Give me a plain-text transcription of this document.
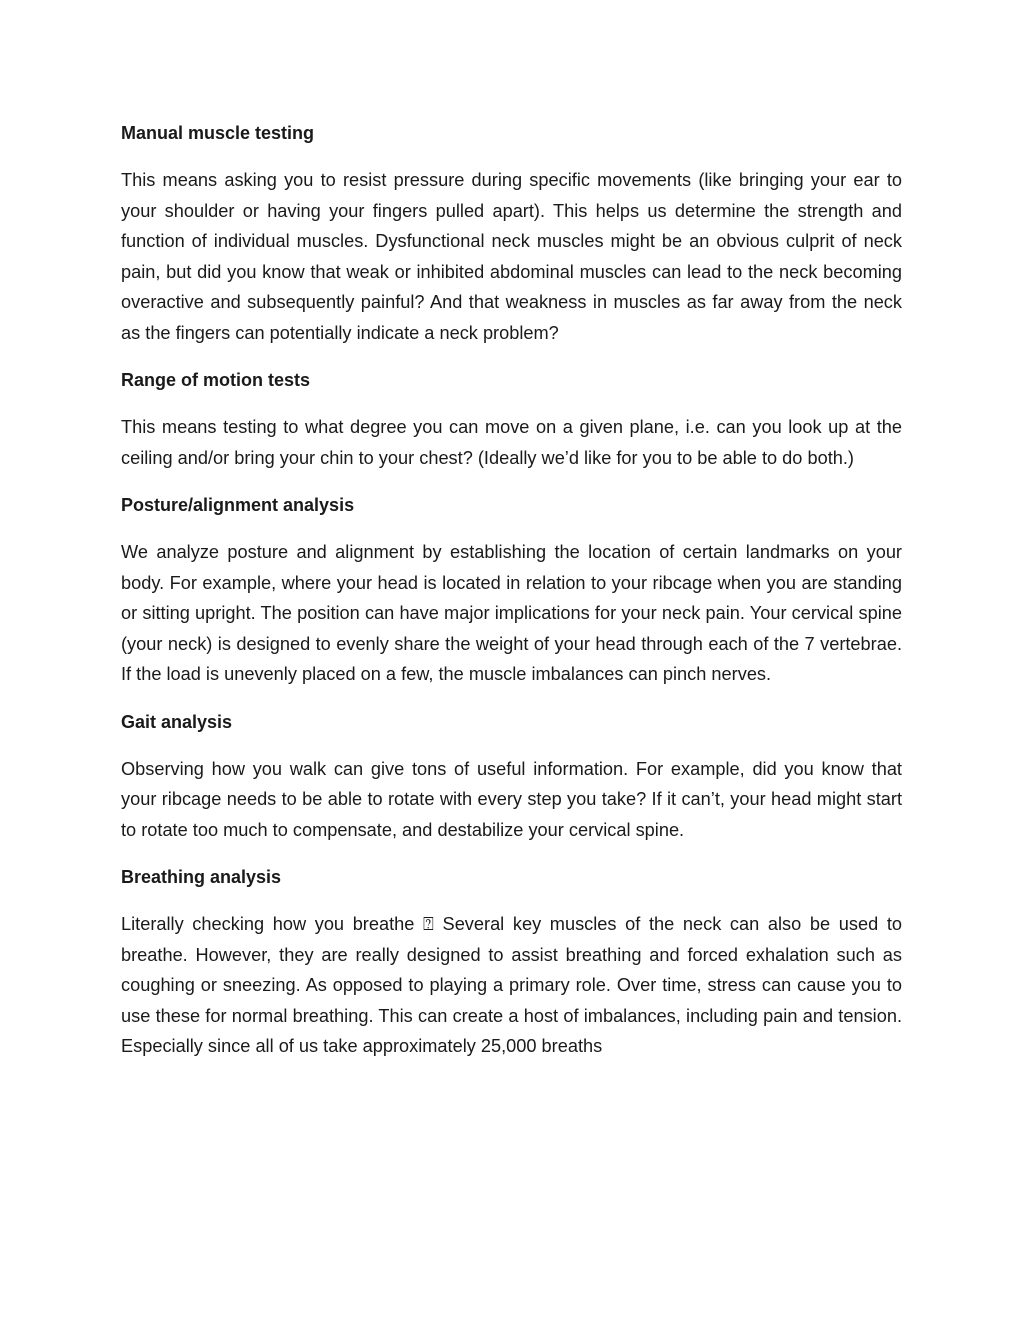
Manual muscle testing

This means asking you to resist pressure during specific movements (like bringing your ear to your shoulder or having your fingers pulled apart). This helps us determine the strength and function of individual muscles. Dysfunctional neck muscles might be an obvious culprit of neck pain, but did you know that weak or inhibited abdominal muscles can lead to the neck becoming overactive and subsequently painful? And that weakness in muscles as far away from the neck as the fingers can potentially indicate a neck problem?

Range of motion tests

This means testing to what degree you can move on a given plane, i.e. can you look up at the ceiling and/or bring your chin to your chest? (Ideally we’d like for you to be able to do both.)

Posture/alignment analysis

We analyze posture and alignment by establishing the location of certain landmarks on your body. For example, where your head is located in relation to your ribcage when you are standing or sitting upright. The position can have major implications for your neck pain. Your cervical spine (your neck) is designed to evenly share the weight of your head through each of the 7 vertebrae. If the load is unevenly placed on a few, the muscle imbalances can pinch nerves.

Gait analysis

Observing how you walk can give tons of useful information. For example, did you know that your ribcage needs to be able to rotate with every step you take? If it can’t, your head might start to rotate too much to compensate, and destabilize your cervical spine.

Breathing analysis

Literally checking how you breathe ⍰ Several key muscles of the neck can also be used to breathe. However, they are really designed to assist breathing and forced exhalation such as coughing or sneezing. As opposed to playing a primary role. Over time, stress can cause you to use these for normal breathing. This can create a host of imbalances, including pain and tension. Especially since all of us take approximately 25,000 breaths
